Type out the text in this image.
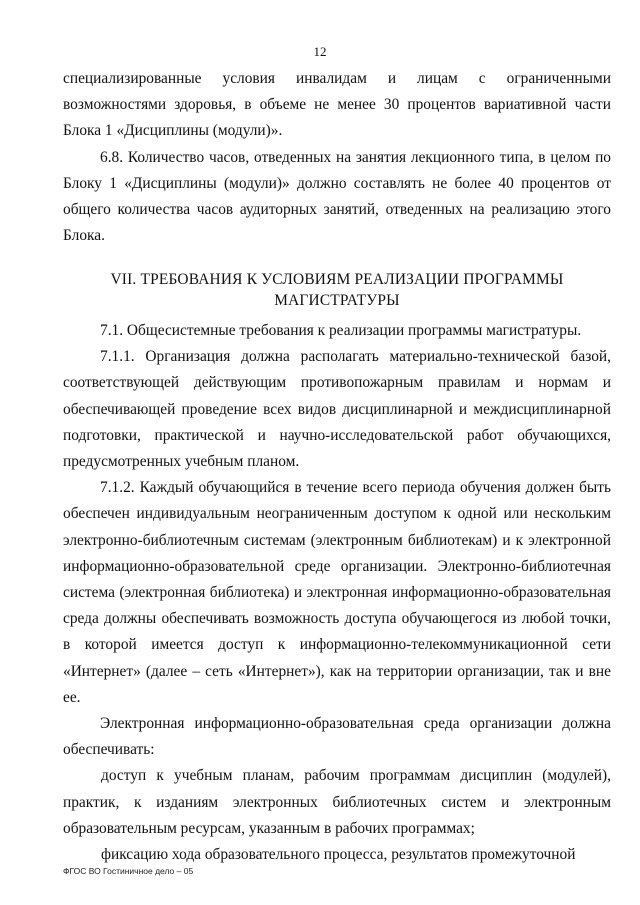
12

специализированные условия инвалидам и лицам с ограниченными возможностями здоровья, в объеме не менее 30 процентов вариативной части Блока 1 «Дисциплины (модули)».

6.8. Количество часов, отведенных на занятия лекционного типа, в целом по Блоку 1 «Дисциплины (модули)» должно составлять не более 40 процентов от общего количества часов аудиторных занятий, отведенных на реализацию этого Блока.

VII. ТРЕБОВАНИЯ К УСЛОВИЯМ РЕАЛИЗАЦИИ ПРОГРАММЫ
МАГИСТРАТУРЫ

7.1. Общесистемные требования к реализации программы магистратуры.

7.1.1. Организация должна располагать материально-технической базой, соответствующей действующим противопожарным правилам и нормам и обеспечивающей проведение всех видов дисциплинарной и междисциплинарной подготовки, практической и научно-исследовательской работ обучающихся, предусмотренных учебным планом.

7.1.2. Каждый обучающийся в течение всего периода обучения должен быть обеспечен индивидуальным неограниченным доступом к одной или нескольким электронно-библиотечным системам (электронным библиотекам) и к электронной информационно-образовательной среде организации. Электронно-библиотечная система (электронная библиотека) и электронная информационно-образовательная среда должны обеспечивать возможность доступа обучающегося из любой точки, в которой имеется доступ к информационно-телекоммуникационной сети «Интернет» (далее – сеть «Интернет»), как на территории организации, так и вне ее.

Электронная информационно-образовательная среда организации должна обеспечивать:

доступ к учебным планам, рабочим программам дисциплин (модулей), практик, к изданиям электронных библиотечных систем и электронным образовательным ресурсам, указанным в рабочих программах;

фиксацию хода образовательного процесса, результатов промежуточной

ФГОС ВО Гостиничное дело – 05
